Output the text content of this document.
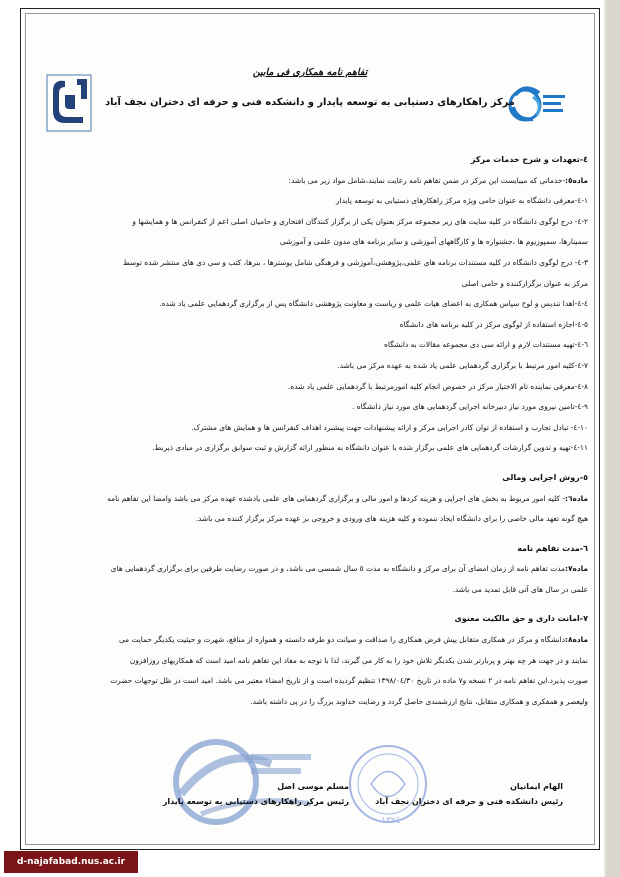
تفاهم نامه همکاری فی مابین
مرکز راهکارهای دستیابی به توسعه پایدار و دانشکده فنی و حرفه ای دختران نجف آباد
١٣٧٤
الهام ایمانیان
رئیس دانشکده فنی و حرفه ای دختران نجف آباد
مسلم موسی اصل
رئیس مرکز راهکارهای دستیابی به توسعه پایدار

٤-تعهدات و شرح خدمات مرکز

ماده٥:-خدماتی که میبایست این مرکز در ضمن تفاهم نامه رعایت نمایند،شامل مواد زیر می باشد:

١-٤-معرفی دانشگاه به عنوان حامی ویژه مرکز راهکارهای دستیابی به توسعه پایدار

٢-٤- درج لوگوی دانشگاه در کلیه سایت های زیر مجموعه مرکز بعنوان یکی از برگزار کنندگان افتخاری و حامیان اصلی اعم از کنفرانس ها و همایشها و

سمینارها، سمپوزیوم ها ،جشنواره ها و کارگاههای آموزشی و سایر برنامه های مدون علمی و آموزشی

٣-٤- درج لوگوی دانشگاه در کلیه مستندات برنامه های علمی،پژوهشی،آموزشی و فرهنگی شامل پوسترها ، بنرها، کتب و سی دی های منتشر شده توسط

مرکز به عنوان برگزارکننده و حامی اصلی

٤-٤-اهدا تندیس و لوح سپاس همکاری به اعضای هیات علمی و ریاست و معاونت پژوهشی دانشگاه پس از برگزاری گردهمایی علمی یاد شده.

٥-٤-اجازه استفاده از لوگوی مرکز در کلیه برنامه های دانشگاه

٦-٤-تهیه مستندات لازم و ارائه سی دی مجموعه مقالات به دانشگاه

٧-٤-کلیه امور مرتبط با برگزاری گردهمایی علمی یاد شده به عهده مرکز می باشد.

٨-٤-معرفی نماینده تام الاختیار مرکز در خصوص انجام کلیه امورمرتبط با گردهمایی علمی یاد شده.

٩-٤-تامین نیروی مورد نیاز دبیرخانه اجرایی گردهمایی های مورد نیاز دانشگاه .

١٠-٤- تبادل تجارب و استفاده از توان کادر اجرایی مرکز و ارائه پیشنهادات جهت پیشبرد اهداف کنفرانس ها و همایش های مشترک.

١١-٤-تهیه و تدوین گزارشات گردهمایی های علمی برگزار شده با عنوان دانشگاه به منظور ارائه گزارش و ثبت سوابق برگزاری در مبادی ذیربط.

٥-روش اجرایی ومالی

ماده٦:- کلیه امور مربوط به بخش های اجرایی و هزینه کردها و امور مالی و برگزاری گردهمایی های علمی یادشده عهده مرکز می باشد وامضا این تفاهم نامه

هیچ گونه تعهد مالی خاصی را برای دانشگاه ایجاد ننموده و کلیه هزینه های ورودی و خروجی بر عهده مرکز برگزار کننده می باشد.

٦-مدت تفاهم نامه

ماده٧:مدت تفاهم نامه از زمان امضای آن برای مرکز و دانشگاه به مدت ٥ سال شمسی می باشد، و در صورت رضایت طرفین برای برگزاری گردهمایی های

علمی در سال های آتی قابل تمدید می باشد.

٧-امانت داری و حق مالکیت معنوی

ماده٨:دانشگاه و مرکز در همکاری متقابل پیش فرض همکاری را صداقت و صیانت دو طرفه دانسته و همواره از منافع، شهرت و حیثیت یکدیگر حمایت می

نمایند و در جهت هر چه بهتر و پربارتر شدن یکدیگر تلاش خود را به کار می گیرند، لذا با توجه به مفاد این تفاهم نامه امید است که همکاریهای روزافزون

صورت پذیرد.این تفاهم نامه در ٢ نسخه و٧ ماده در تاریخ ١٣٩٨/٠٤/٣٠ تنظیم گردیده است و از تاریخ امضاء معتبر می باشد. امید است در ظل توجهات حضرت

ولیعصر و همفکری و همکاری متقابل، نتایج ارزشمندی حاصل گردد و رضایت خداوند بزرگ را در پی داشته باشد.

d-najafabad.nus.ac.ir
